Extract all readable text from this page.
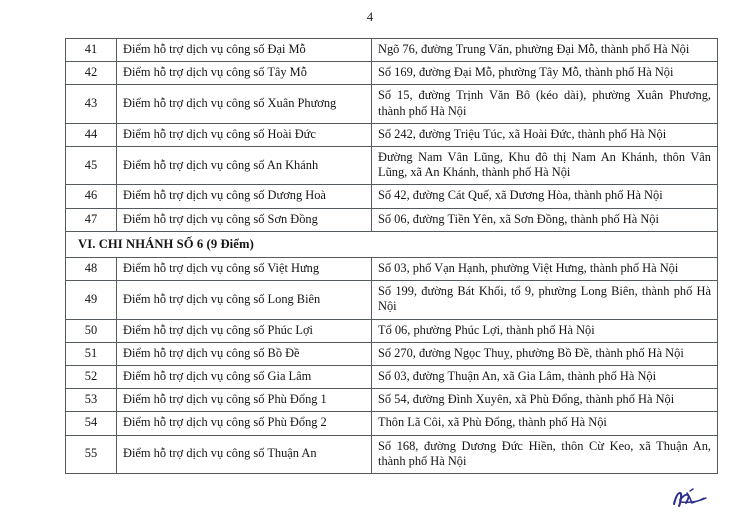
4
41	Điểm hỗ trợ dịch vụ công số Đại Mỗ	Ngõ 76, đường Trung Văn, phường Đại Mỗ, thành phố Hà Nội
42	Điểm hỗ trợ dịch vụ công số Tây Mỗ	Số 169, đường Đại Mỗ, phường Tây Mỗ, thành phố Hà Nội
43	Điểm hỗ trợ dịch vụ công số Xuân Phương	Số 15, đường Trịnh Văn Bô (kéo dài), phường Xuân Phương, thành phố Hà Nội
44	Điểm hỗ trợ dịch vụ công số Hoài Đức	Số 242, đường Triệu Túc, xã Hoài Đức, thành phố Hà Nội
45	Điểm hỗ trợ dịch vụ công số An Khánh	Đường Nam Vân Lũng, Khu đô thị Nam An Khánh, thôn Vân Lũng, xã An Khánh, thành phố Hà Nội
46	Điểm hỗ trợ dịch vụ công số Dương Hoà	Số 42, đường Cát Quế, xã Dương Hòa, thành phố Hà Nội
47	Điểm hỗ trợ dịch vụ công số Sơn Đồng	Số 06, đường Tiền Yên, xã Sơn Đồng, thành phố Hà Nội
VI. CHI NHÁNH SỐ 6 (9 Điểm)		
48	Điểm hỗ trợ dịch vụ công số Việt Hưng	Số 03, phố Vạn Hạnh, phường Việt Hưng, thành phố Hà Nội
49	Điểm hỗ trợ dịch vụ công số Long Biên	Số 199, đường Bát Khối, tổ 9, phường Long Biên, thành phố Hà Nội
50	Điểm hỗ trợ dịch vụ công số Phúc Lợi	Tổ 06, phường Phúc Lợi, thành phố Hà Nội
51	Điểm hỗ trợ dịch vụ công số Bồ Đề	Số 270, đường Ngọc Thuỵ, phường Bồ Đề, thành phố Hà Nội
52	Điểm hỗ trợ dịch vụ công số Gia Lâm	Số 03, đường Thuận An, xã Gia Lâm, thành phố Hà Nội
53	Điểm hỗ trợ dịch vụ công số Phù Đổng 1	Số 54, đường Đình Xuyên, xã Phù Đổng, thành phố Hà Nội
54	Điểm hỗ trợ dịch vụ công số Phù Đổng 2	Thôn Lã Côi, xã Phù Đổng, thành phố Hà Nội
55	Điểm hỗ trợ dịch vụ công số Thuận An	Số 168, đường Dương Đức Hiền, thôn Cừ Keo, xã Thuận An, thành phố Hà Nội
